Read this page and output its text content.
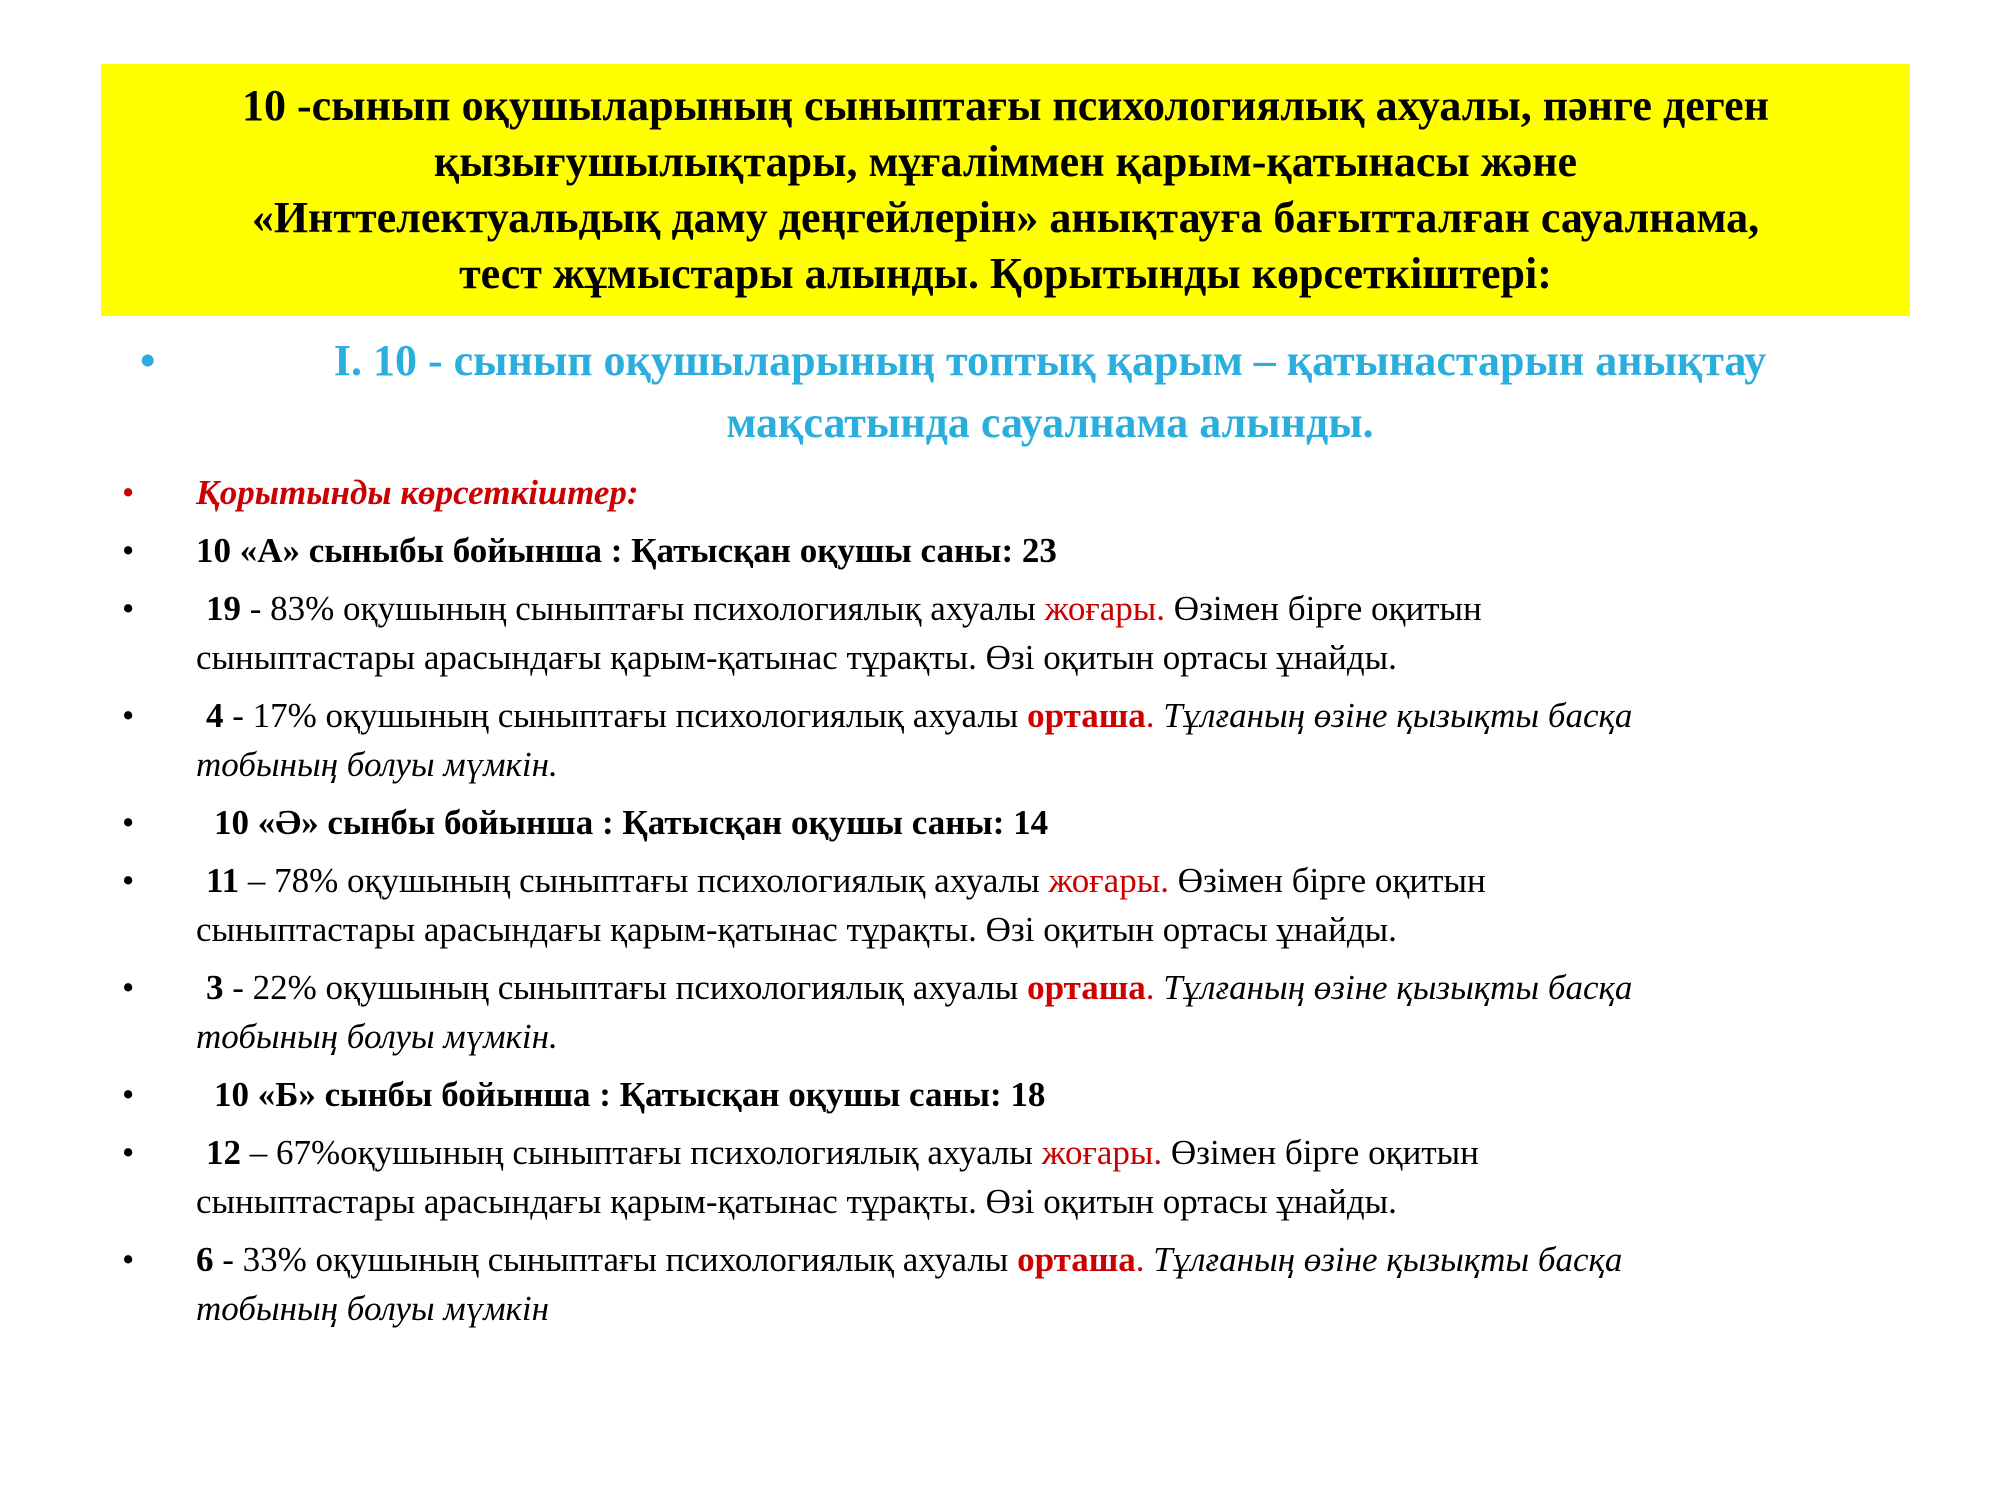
10 -сынып оқушыларының сыныптағы психологиялық ахуалы, пәнге деген
қызығушылықтары, мұғаліммен қарым-қатынасы және
«Инттелектуальдық даму деңгейлерін» анықтауға бағытталған сауалнама,
тест жұмыстары алынды. Қорытынды көрсеткіштері:
•	I. 10 - сынып оқушыларының топтық қарым – қатынастарын анықтау
мақсатында сауалнама алынды.
• Қорытынды көрсеткіштер:
• 10 «А» сыныбы бойынша : Қатысқан оқушы саны: 23
• 19 - 83% оқушының сыныптағы психологиялық ахуалы жоғары. Өзімен бірге оқитын
сыныптастары арасындағы қарым-қатынас тұрақты. Өзі оқитын ортасы ұнайды.
• 4 - 17% оқушының сыныптағы психологиялық ахуалы орташа. Тұлғаның өзіне қызықты басқа
тобының болуы мүмкін.
•	10 «Ә» сынбы бойынша : Қатысқан оқушы саны: 14
• 11 – 78% оқушының сыныптағы психологиялық ахуалы жоғары. Өзімен бірге оқитын
сыныптастары арасындағы қарым-қатынас тұрақты. Өзі оқитын ортасы ұнайды.
• 3 - 22% оқушының сыныптағы психологиялық ахуалы орташа. Тұлғаның өзіне қызықты басқа
тобының болуы мүмкін.
•	10 «Б» сынбы бойынша : Қатысқан оқушы саны: 18
• 12 – 67%оқушының сыныптағы психологиялық ахуалы жоғары. Өзімен бірге оқитын
сыныптастары арасындағы қарым-қатынас тұрақты. Өзі оқитын ортасы ұнайды.
• 6 - 33% оқушының сыныптағы психологиялық ахуалы орташа. Тұлғаның өзіне қызықты басқа
тобының болуы мүмкін
